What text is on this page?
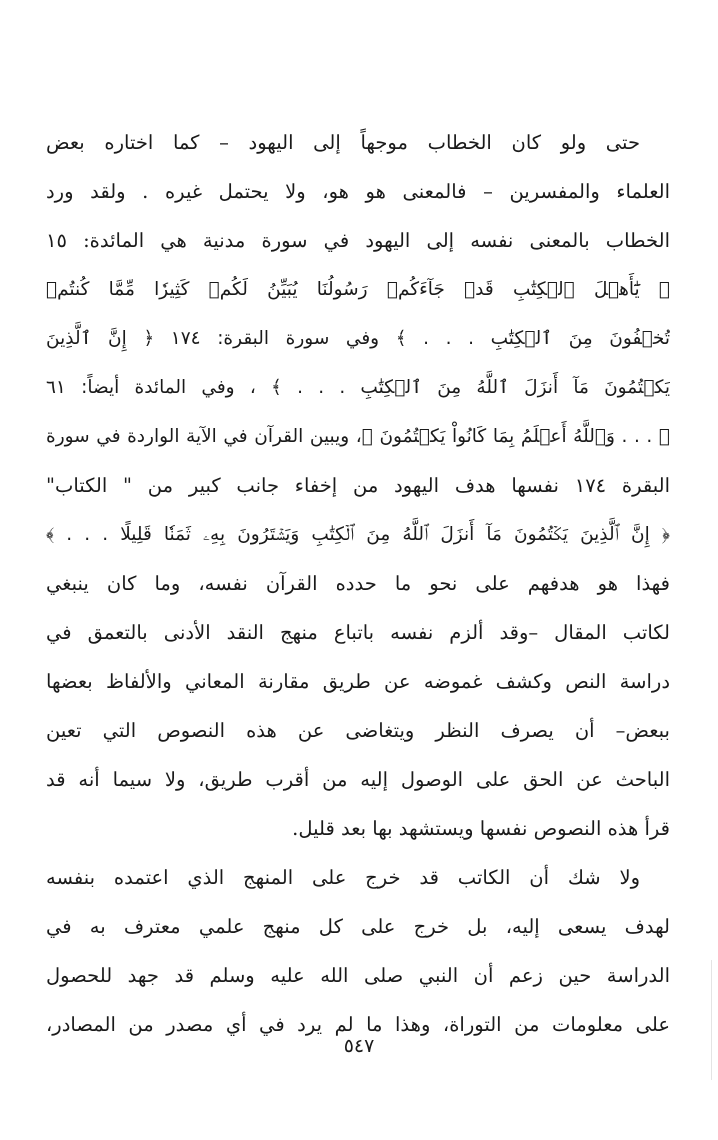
حتى ولو كان الخطاب موجهاً إلى اليهود – كما اختاره بعض
العلماء والمفسرين – فالمعنى هو هو، ولا يحتمل غيره . ولقد ورد
الخطاب بالمعنى نفسه إلى اليهود في سورة مدنية هي المائدة: ١٥
﴿ يَٰٓأَهۡلَ ٱلۡكِتَٰبِ قَدۡ جَآءَكُمۡ رَسُولُنَا يُبَيِّنُ لَكُمۡ كَثِيرٗا مِّمَّا كُنتُمۡ
تُخۡفُونَ مِنَ ٱلۡكِتَٰبِ . . . ﴾ وفي سورة البقرة: ١٧٤ ﴿ إِنَّ ٱلَّذِينَ
يَكۡتُمُونَ مَآ أَنزَلَ ٱللَّهُ مِنَ ٱلۡكِتَٰبِ . . . ﴾ ، وفي المائدة أيضاً: ٦١
﴿ . . . وَٱللَّهُ أَعۡلَمُ بِمَا كَانُواْ يَكۡتُمُونَ ﴾، ويبين القرآن في الآية الواردة في سورة
البقرة ١٧٤ نفسها هدف اليهود من إخفاء جانب كبير من " الكتاب"
﴿ إِنَّ ٱلَّذِينَ يَكۡتُمُونَ مَآ أَنزَلَ ٱللَّهُ مِنَ ٱلۡكِتَٰبِ وَيَشۡتَرُونَ بِهِۦ ثَمَنٗا قَلِيلًا . . . ﴾
فهذا هو هدفهم على نحو ما حدده القرآن نفسه، وما كان ينبغي
لكاتب المقال –وقد ألزم نفسه باتباع منهج النقد الأدنى بالتعمق في
دراسة النص وكشف غموضه عن طريق مقارنة المعاني والألفاظ بعضها
ببعض– أن يصرف النظر ويتغاضى عن هذه النصوص التي تعين
الباحث عن الحق على الوصول إليه من أقرب طريق، ولا سيما أنه قد
قرأ هذه النصوص نفسها ويستشهد بها بعد قليل.
ولا شك أن الكاتب قد خرج على المنهج الذي اعتمده بنفسه
لهدف يسعى إليه، بل خرج على كل منهج علمي معترف به في
الدراسة حين زعم أن النبي صلى الله عليه وسلم قد جهد للحصول
على معلومات من التوراة، وهذا ما لم يرد في أي مصدر من المصادر،
٥٤٧
